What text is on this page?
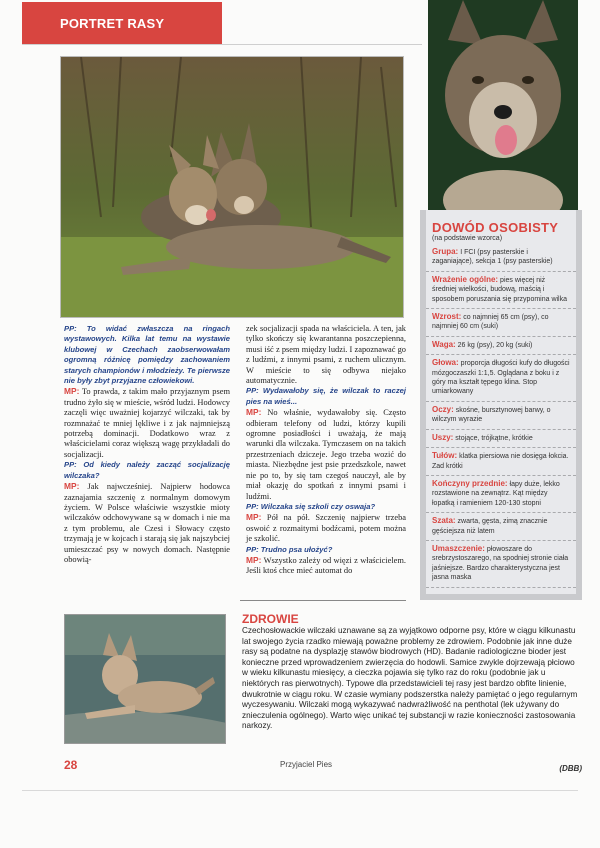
PORTRET RASY
DOWÓD OSOBISTY
(na podstawie wzorca)
Grupa: I FCI (psy pasterskie i zaganiające), sekcja 1 (psy pasterskie)
Wrażenie ogólne: pies więcej niż średniej wielkości, budową, maścią i sposobem poruszania się przypomina wilka
Wzrost: co najmniej 65 cm (psy), co najmniej 60 cm (suki)
Waga: 26 kg (psy), 20 kg (suki)
Głowa: proporcja długości kufy do długości mózgoczaszki 1:1,5. Oglądana z boku i z góry ma kształt tępego klina. Stop umiarkowany
Oczy: skośne, bursztynowej barwy, o wilczym wyrazie
Uszy: stojące, trójkątne, krótkie
Tułów: klatka piersiowa nie dosięga łokcia. Zad krótki
Kończyny przednie: łapy duże, lekko rozstawione na zewnątrz. Kąt między łopatką i ramieniem 120-130 stopni
Szata: zwarta, gęsta, zimą znacznie gęściejsza niż latem
Umaszczenie: płowoszare do srebrzystoszarego, na spodniej stronie ciała jaśniejsze. Bardzo charakterystyczna jest jasna maska

PP: To widać zwłaszcza na ringach wystawowych. Kilka lat temu na wystawie klubowej w Czechach zaobserwowałam ogromną różnicę pomiędzy zachowaniem starych championów i młodzieży. Te pierwsze nie były zbyt przyjazne człowiekowi.

MP: To prawda, z takim mało przyjaznym psem trudno żyło się w mieście, wśród ludzi. Hodowcy zaczęli więc uważniej kojarzyć wilczaki, tak by rozmnażać te mniej lękliwe i z jak najmniejszą potrzebą dominacji. Dodatkowo wraz z właścicielami coraz większą wagę przykładali do socjalizacji.

PP: Od kiedy należy zacząć socjalizację wilczaka?

MP: Jak najwcześniej. Najpierw hodowca zaznajamia szczenię z normalnym domowym życiem. W Polsce właściwie wszystkie mioty wilczaków odchowywane są w domach i nie ma z tym problemu, ale Czesi i Słowacy często trzymają je w kojcach i starają się jak najszybciej umieszczać psy w nowych domach. Następnie obowią-

zek socjalizacji spada na właściciela. A ten, jak tylko skończy się kwarantanna poszczepienna, musi iść z psem między ludzi. I zapoznawać go z ludźmi, z innymi psami, z ruchem ulicznym. W mieście to się odbywa niejako automatycznie.

PP: Wydawałoby się, że wilczak to raczej pies na wieś...

MP: No właśnie, wydawałoby się. Często odbieram telefony od ludzi, którzy kupili ogromne posiadłości i uważają, że mają warunki dla wilczaka. Tymczasem on na takich przestrzeniach dziczeje. Jego trzeba wozić do miasta. Niezbędne jest psie przedszkole, nawet nie po to, by się tam czegoś nauczył, ale by miał okazję do spotkań z innymi psami i ludźmi.

PP: Wilczaka się szkoli czy oswaja?

MP: Pół na pół. Szczenię najpierw trzeba oswoić z rozmaitymi bodźcami, potem można je szkolić.

PP: Trudno psa ułożyć?

MP: Wszystko zależy od więzi z właścicielem. Jeśli ktoś chce mieć automat do

ZDROWIE
Czechosłowackie wilczaki uznawane są za wyjątkowo odporne psy, które w ciągu kilkunastu lat swojego życia rzadko miewają poważne problemy ze zdrowiem. Podobnie jak inne duże rasy są podatne na dysplazję stawów biodrowych (HD). Badanie radiologiczne bioder jest konieczne przed wprowadzeniem zwierzęcia do hodowli. Samice zwykle dojrzewają płciowo w wieku kilkunastu miesięcy, a cieczka pojawia się tylko raz do roku (podobnie jak u niektórych ras pierwotnych). Typowe dla przedstawicieli tej rasy jest bardzo obfite linienie, dwukrotnie w ciągu roku. W czasie wymiany podszerstka należy pamiętać o jego regularnym wyczesywaniu. Wilczaki mogą wykazywać nadwrażliwość na penthotal (lek używany do znieczulenia ogólnego). Warto więc unikać tej substancji w razie konieczności zastosowania narkozy.
(DBB)
28	Przyjaciel Pies
